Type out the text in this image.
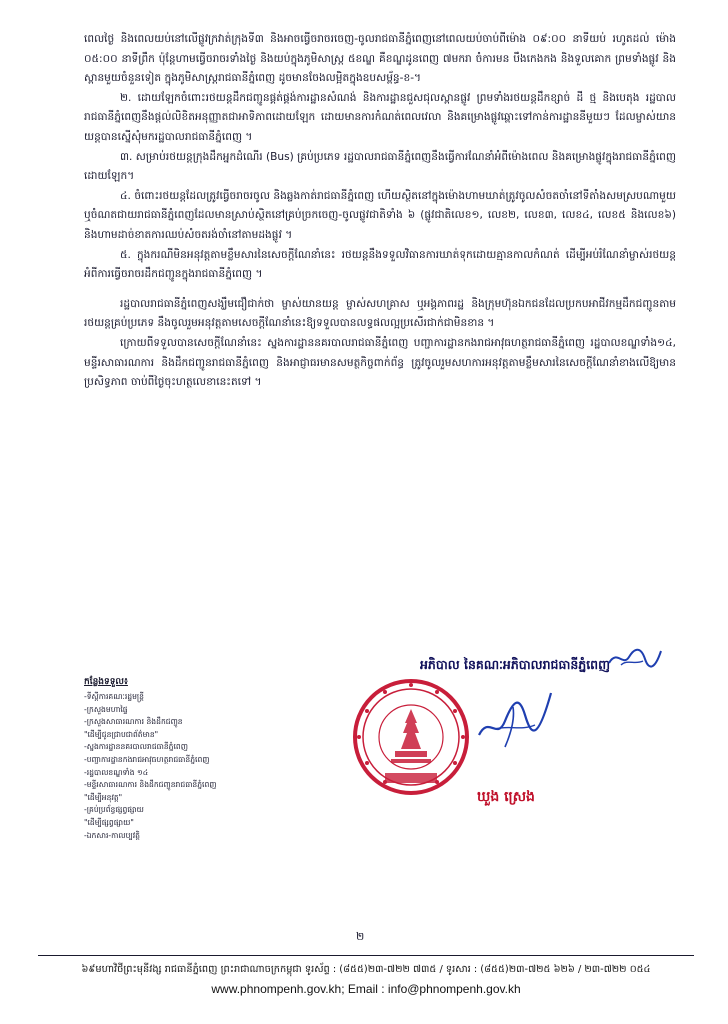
ពេលថ្ងៃ និងពេលយប់នៅលើផ្លូវក្រវាត់ក្រុងទី៣ និងអាចធ្វើចរាចរចេញ-ចូលរាជធានីភ្នំពេញនៅពេលយប់ចាប់ពីម៉ោង ០៩:០០ នាទីយប់ រហូតដល់ ម៉ោង ០៥:០០ នាទីព្រឹក ប៉ុន្តែហាមធ្វើចរាចរទាំងថ្ងៃ និងយប់ក្នុងភូមិសាស្ត្រ ៥ខណ្ឌ គឺខណ្ឌដូនពេញ ៧មករា ចំការមន បឹងកេងកង និងទួលគោក ព្រមទាំងផ្លូវ និងស្ពានមួយចំនួនទៀត ក្នុងភូមិសាស្ត្ររាជធានីភ្នំពេញ ដូចមានចែងលម្អិតក្នុងឧបសម្ព័ន្ធ-ខ-។

២. ដោយឡែកចំពោះរថយន្តដឹកជញ្ជូនផ្គត់ផ្គង់ការដ្ឋានសំណង់ និងការដ្ឋានជួសជុលស្ពានផ្លូវ ព្រមទាំងរថយន្តដឹកខ្សាច់ ដី ថ្ម និងបេតុង រដ្ឋបាលរាជធានីភ្នំពេញនឹងផ្តល់លិខិតអនុញ្ញាតជាអាទិភាពដោយឡែក ដោយមានការកំណត់ពេលវេលា និងគម្រោងផ្លូវឆ្ពោះទៅកាន់ការដ្ឋាននីមួយៗ ដែលម្ចាស់យានយន្តបានស្នើសុំមករដ្ឋបាលរាជធានីភ្នំពេញ ។

៣. សម្រាប់រថយន្តក្រុងដឹកអ្នកដំណើរ (Bus) គ្រប់ប្រភេទ រដ្ឋបាលរាជធានីភ្នំពេញនឹងធ្វើការណែនាំអំពីម៉ោងពេល និងគម្រោងផ្លូវក្នុងរាជធានីភ្នំពេញដោយឡែក។

៤. ចំពោះរថយន្តដែលត្រូវធ្វើចរាចរចូល និងឆ្លងកាត់រាជធានីភ្នំពេញ ហើយស្ថិតនៅក្នុងម៉ោងហាមឃាត់ត្រូវចូលសំចតចាំនៅទីតាំងសមស្របណាមួយ ឬចំណតជាយរាជធានីភ្នំពេញដែលមានស្រាប់ស្ថិតនៅគ្រប់ច្រកចេញ-ចូលផ្លូវជាតិទាំង ៦ (ផ្លូវជាតិលេខ១, លេខ២, លេខ៣, លេខ៤, លេខ៥ និងលេខ៦) និងហាមដាច់ខាតការឈប់សំចតរង់ចាំនៅតាមដងផ្លូវ ។

៥. ក្នុងករណីមិនអនុវត្តតាមខ្លឹមសារនៃសេចក្តីណែនាំនេះ រថយន្តនឹងទទួលវិធានការឃាត់ទុកដោយគ្មានកាលកំណត់ ដើម្បីអប់រំណែនាំម្ចាស់រថយន្តអំពីការធ្វើចរាចរដឹកជញ្ជូនក្នុងរាជធានីភ្នំពេញ ។

រដ្ឋបាលរាជធានីភ្នំពេញសង្ឃឹមជឿជាក់ថា ម្ចាស់យានយន្ត ម្ចាស់សហគ្រាស ឬអង្គភាពរដ្ឋ និងក្រុមហ៊ុនឯកជនដែលប្រកបអាជីវកម្មដឹកជញ្ជូនតាមរថយន្តគ្រប់ប្រភេទ នឹងចូលរួមអនុវត្តតាមសេចក្តីណែនាំនេះឱ្យទទួលបានលទ្ធផលល្អប្រសើរជាក់ជាមិនខាន ។

ក្រោយពីទទួលបានសេចក្តីណែនាំនេះ ស្នងការដ្ឋាននគរបាលរាជធានីភ្នំពេញ បញ្ជាការដ្ឋានកងរាជអាវុធហត្ថរាជធានីភ្នំពេញ រដ្ឋបាលខណ្ឌទាំង១៤, មន្ទីរសាធារណការ និងដឹកជញ្ជូនរាជធានីភ្នំពេញ និងអាជ្ញាធរមានសមត្ថកិច្ចពាក់ព័ន្ធ ត្រូវចូលរួមសហការអនុវត្តតាមខ្លឹមសារនៃសេចក្តីណែនាំខាងលើឱ្យមានប្រសិទ្ធភាព ចាប់ពីថ្ងៃចុះហត្ថលេខានេះតទៅ ។

អភិបាល នៃគណៈអភិបាលរាជធានីភ្នំពេញ

ឃួង ស្រេង

កន្លែងទទួល៖

-ទីស្តីការគណៈរដ្ឋមន្ត្រី

-ក្រសួងមហាផ្ទៃ

-ក្រសួងសាធារណការ និងដឹកជញ្ជូន

"ដើម្បីជូនជ្រាបជាព័ត៌មាន"

-ស្នងការដ្ឋាននគរបាលរាជធានីភ្នំពេញ

-បញ្ជាការដ្ឋានកងរាជអាវុធហត្ថរាជធានីភ្នំពេញ

-រដ្ឋបាលខណ្ឌទាំង ១៤

-មន្ទីរសាធារណការ និងដឹកជញ្ជូនរាជធានីភ្នំពេញ

"ដើម្បីអនុវត្ត"

-គ្រប់ប្រព័ន្ធផ្សព្វផ្សាយ

"ដើម្បីផ្សព្វផ្សាយ"

-ឯកសារ-កាលប្បវត្តិ

២
៦៩មហាវិថីព្រះមុនីវង្ស រាជធានីភ្នំពេញ ព្រះរាជាណាចក្រកម្ពុជា ទូរស័ព្ទ : (៨៥៥)២៣-៧២២ ៧៣៥ / ទូរសារ : (៨៥៥)២៣-៧២៥ ៦២៦ / ២៣-៧២២ ០៥៤
www.phnompenh.gov.kh; Email : info@phnompenh.gov.kh
